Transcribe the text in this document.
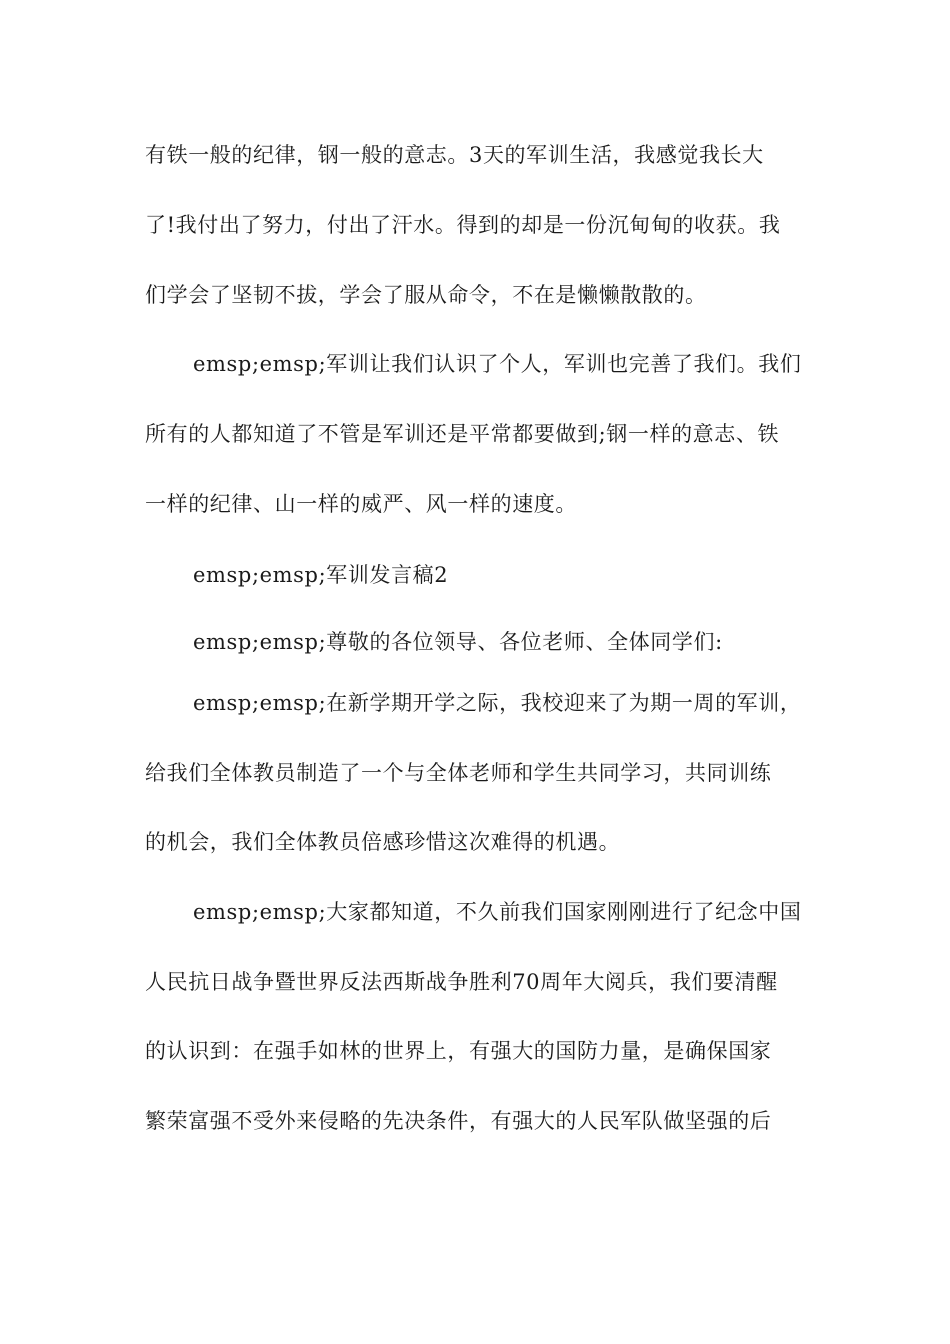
有铁一般的纪律，钢一般的意志。3天的军训生活，我感觉我长大
了!我付出了努力，付出了汗水。得到的却是一份沉甸甸的收获。我
们学会了坚韧不拔，学会了服从命令，不在是懒懒散散的。
emsp;emsp;军训让我们认识了个人，军训也完善了我们。我们
所有的人都知道了不管是军训还是平常都要做到;钢一样的意志、铁
一样的纪律、山一样的威严、风一样的速度。
emsp;emsp;军训发言稿2
emsp;emsp;尊敬的各位领导、各位老师、全体同学们:
emsp;emsp;在新学期开学之际，我校迎来了为期一周的军训，
给我们全体教员制造了一个与全体老师和学生共同学习，共同训练
的机会，我们全体教员倍感珍惜这次难得的机遇。
emsp;emsp;大家都知道，不久前我们国家刚刚进行了纪念中国
人民抗日战争暨世界反法西斯战争胜利70周年大阅兵，我们要清醒
的认识到：在强手如林的世界上，有强大的国防力量，是确保国家
繁荣富强不受外来侵略的先决条件，有强大的人民军队做坚强的后
